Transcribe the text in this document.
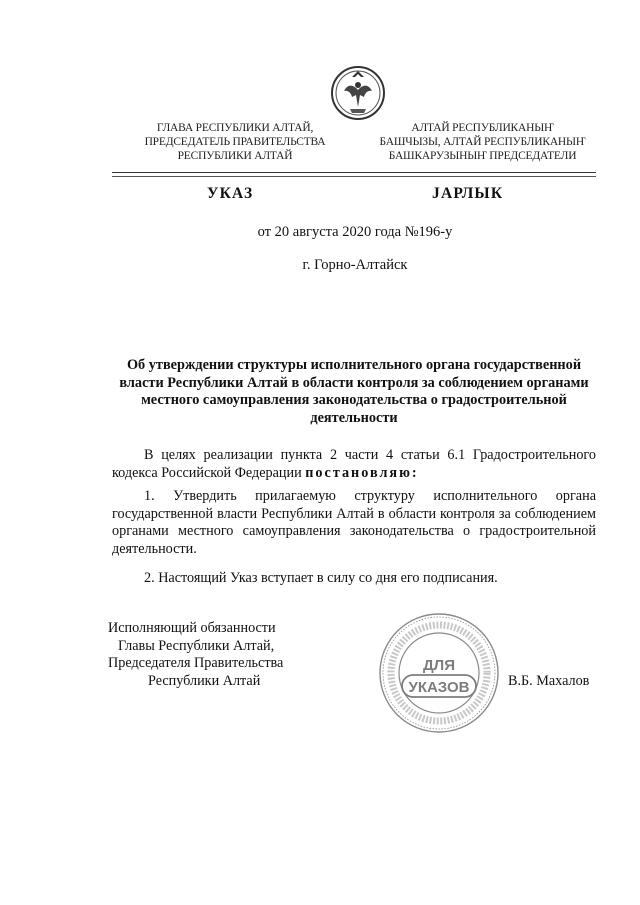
ГЛАВА РЕСПУБЛИКИ АЛТАЙ,
ПРЕДСЕДАТЕЛЬ ПРАВИТЕЛЬСТВА
РЕСПУБЛИКИ АЛТАЙ
АЛТАЙ РЕСПУБЛИКАНЫҤ
БАШЧЫЗЫ, АЛТАЙ РЕСПУБЛИКАНЫҤ
БАШКАРУЗЫНЫҤ ПРЕДСЕДАТЕЛИ
УКАЗ	JАРЛЫК
от 20 августа 2020 года №196-у
г. Горно-Алтайск
Об утверждении структуры исполнительного органа государственной власти Республики Алтай в области контроля за соблюдением органами местного самоуправления законодательства о градостроительной деятельности
В целях реализации пункта 2 части 4 статьи 6.1 Градостроительного кодекса Российской Федерации постановляю:
1. Утвердить прилагаемую структуру исполнительного органа государственной власти Республики Алтай в области контроля за соблюдением органами местного самоуправления законодательства о градостроительной деятельности.
2. Настоящий Указ вступает в силу со дня его подписания.
Исполняющий обязанности
Главы Республики Алтай,
Председателя Правительства
Республики Алтай
ДЛЯ
УКАЗОВ	В.Б. Махалов
